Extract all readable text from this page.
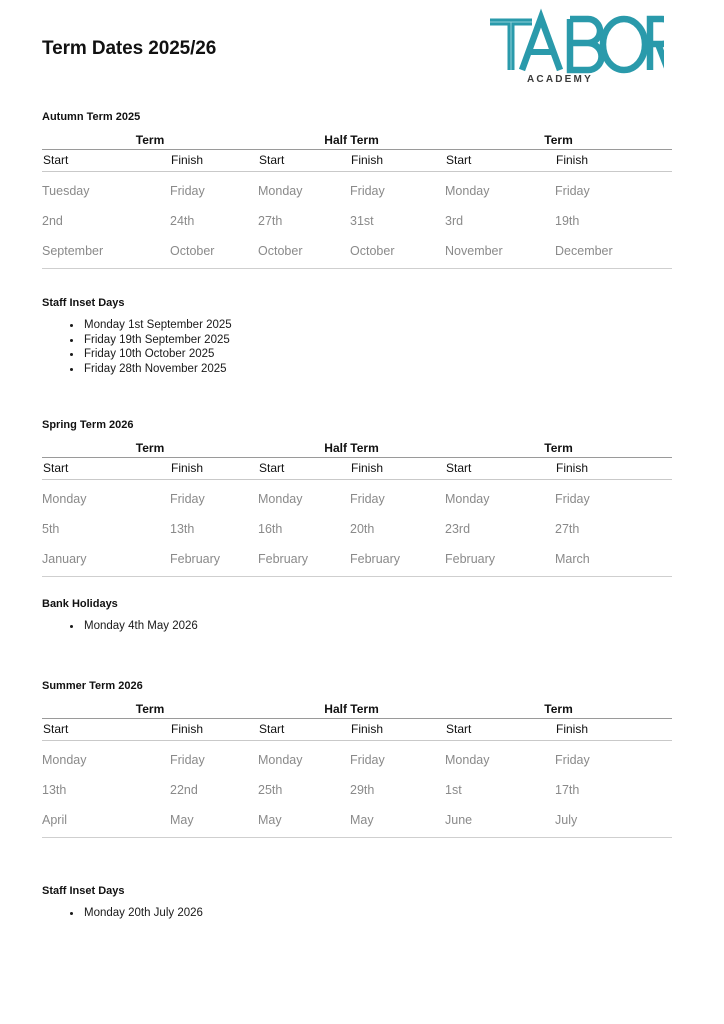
Term Dates 2025/26
ACADEMY
Autumn Term 2025
Term		Half Term		Term	
Start	Finish	Start	Finish	Start	Finish
Tuesday	Friday	Monday	Friday	Monday	Friday
2nd	24th	27th	31st	3rd	19th
September	October	October	October	November	December
Staff Inset Days
• Monday 1st September 2025
• Friday 19th September 2025
• Friday 10th October 2025
• Friday 28th November 2025
Spring Term 2026
Term		Half Term		Term	
Start	Finish	Start	Finish	Start	Finish
Monday	Friday	Monday	Friday	Monday	Friday
5th	13th	16th	20th	23rd	27th
January	February	February	February	February	March
Bank Holidays
• Monday 4th May 2026
Summer Term 2026
Term		Half Term		Term	
Start	Finish	Start	Finish	Start	Finish
Monday	Friday	Monday	Friday	Monday	Friday
13th	22nd	25th	29th	1st	17th
April	May	May	May	June	July
Staff Inset Days
• Monday 20th July 2026
